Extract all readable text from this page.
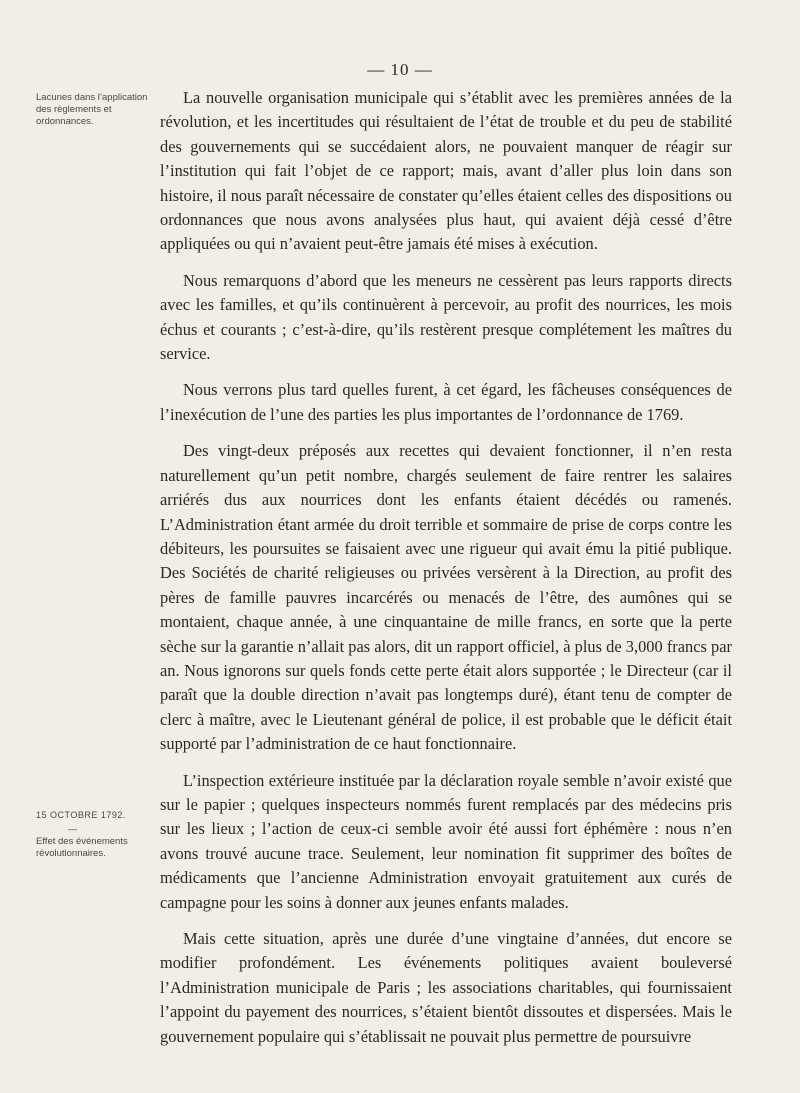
— 10 —
Lacunes dans l’application des règlements et ordonnances.
15 OCTOBRE 1792.
—
Effet des événements révolutionnaires.

La nouvelle organisation municipale qui s’établit avec les premières années de la révolution, et les incertitudes qui résultaient de l’état de trouble et du peu de stabilité des gouvernements qui se succédaient alors, ne pouvaient manquer de réagir sur l’institution qui fait l’objet de ce rapport; mais, avant d’aller plus loin dans son histoire, il nous paraît nécessaire de constater qu’elles étaient celles des dispositions ou ordonnances que nous avons analysées plus haut, qui avaient déjà cessé d’être appliquées ou qui n’avaient peut-être jamais été mises à exécution.

Nous remarquons d’abord que les meneurs ne cessèrent pas leurs rapports directs avec les familles, et qu’ils continuèrent à percevoir, au profit des nourrices, les mois échus et courants ; c’est-à-dire, qu’ils restèrent presque complétement les maîtres du service.

Nous verrons plus tard quelles furent, à cet égard, les fâcheuses conséquences de l’inexécution de l’une des parties les plus importantes de l’ordonnance de 1769.

Des vingt-deux préposés aux recettes qui devaient fonctionner, il n’en resta naturellement qu’un petit nombre, chargés seulement de faire rentrer les salaires arriérés dus aux nourrices dont les enfants étaient décédés ou ramenés. L’Administration étant armée du droit terrible et sommaire de prise de corps contre les débiteurs, les poursuites se faisaient avec une rigueur qui avait ému la pitié publique. Des Sociétés de charité religieuses ou privées versèrent à la Direction, au profit des pères de famille pauvres incarcérés ou menacés de l’être, des aumônes qui se montaient, chaque année, à une cinquantaine de mille francs, en sorte que la perte sèche sur la garantie n’allait pas alors, dit un rapport officiel, à plus de 3,000 francs par an. Nous ignorons sur quels fonds cette perte était alors supportée ; le Directeur (car il paraît que la double direction n’avait pas longtemps duré), étant tenu de compter de clerc à maître, avec le Lieutenant général de police, il est probable que le déficit était supporté par l’administration de ce haut fonctionnaire.

L’inspection extérieure instituée par la déclaration royale semble n’avoir existé que sur le papier ; quelques inspecteurs nommés furent remplacés par des médecins pris sur les lieux ; l’action de ceux-ci semble avoir été aussi fort éphémère : nous n’en avons trouvé aucune trace. Seulement, leur nomination fit supprimer des boîtes de médicaments que l’ancienne Administration envoyait gratuitement aux curés de campagne pour les soins à donner aux jeunes enfants malades.

Mais cette situation, après une durée d’une vingtaine d’années, dut encore se modifier profondément. Les événements politiques avaient bouleversé l’Administration municipale de Paris ; les associations charitables, qui fournissaient l’appoint du payement des nourrices, s’étaient bientôt dissoutes et dispersées. Mais le gouvernement populaire qui s’établissait ne pouvait plus permettre de poursuivre
